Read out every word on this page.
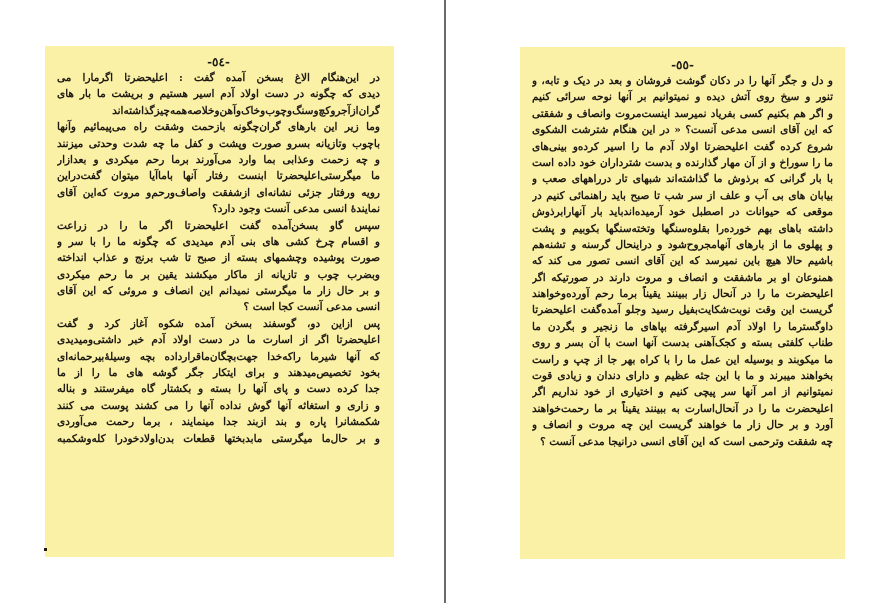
-٥٤-
در این‌هنگام الاغ بسخن آمده گفت : اعلیحضرتا اگرمارا می
دیدی که چگونه در دست اولاد آدم اسیر هستیم و بریشت ما بار های
گران‌ازآجروکچ‌وسنگ‌وچوب‌وخاک‌وآهن‌وخلاصه‌همه‌چیز‌گذاشته‌اند
وما زیر این بارهای گران‌چگونه بازحمت وشقت راه می‌پیمائیم وآنها
باچوب وتازیانه بسرو صورت وپشت و کفل ما چه شدت وحدتی میزنند
و چه زحمت وعذابی بما وارد می‌آورند برما رحم میکردی و بعدازار
ما میگرستی‌اعلیحضرتا ابنست رفتار آنها باما‌آیا میتوان گفت‌دراین
رویه ورفتار جزئی نشانه‌ای ازشفقت واصاف‌ورحم‌و مروت که‌این آقای
نماینده‌ٔ انسی مدعی آنست وجود دارد؟
سپس گاو بسخن‌آمده گفت اعلیحضرتا اگر ما را در زراعت
و اقسام چرخ کشی های بنی آدم میدیدی که چگونه ما را با سر و
صورت پوشیده وچشمهای بسته از صبح تا شب برنج و عذاب انداخته
وبضرب چوب و تازیانه از ماکار میکشند یقین بر ما رحم میکردی
و بر حال زار ما میگرستی ‌نمیدانم این انصاف و مروئی که این آقای
انسی مدعی آنست کجا است ؟
پس ازاین دو، گوسفند بسخن آمده شکوه آغاز کرد و گفت
اعلیحضرتا اگر از اسارت ما در دست اولاد آدم خبر داشتی‌ومیدیدی
که آنها شیرما راکه‌خدا جهت‌بچگان‌ما‌قرارداده بچه وسیلهٔ‌بیرحمانه‌ای
بخود تخصیص‌میدهند و برای ایتکار جگر گوشه های ما را از ما
جدا کرده دست و پای آنها را بسته و بکشتار گاه میفرستند و بناله
و زاری و استغاثه آنها گوش نداده آنها را می کشند پوست می کنند
شکمشانرا پاره و بند ازبند جدا مینمایند ، برما رحمت می‌آوردی
و بر حال‌ما میگرستی مابدبختها قطعات بدن‌اولادخودرا کله‌وشکمبه
-٥٥-
و دل و جگر آنها را در دکان گوشت فروشان و بعد در دیک و تابه، و
تنور و سیخ روی آتش دیده و نمیتوانیم بر آنها نوحه سرائی کنیم
و اگر هم بکنیم کسی بفریاد نمیرسد اینست‌مروت وانصاف و شفقتی
که این آقای انسی مدعی آنست؟ « در این هنگام شترشت الشکوی
شروع کرده گفت اعلیحضرتا اولاد آدم ما را اسیر کرده‌و بینی‌های
ما را سوراخ و از آن مهار گذارنده و بدست شترداران خود داده است
با بار گرانی که برذوش ما گذاشته‌اند شبهای تار درراههای صعب و
بیابان های بی آب و علف از سر شب تا صبح باید راهنمائی کنیم در
موقعی که حیوانات در اصطبل خود آرمیده‌اند‌باید بار آنهارا‌برذوش
داشته باهای بهم خورده‌را بقلوه‌سنگها وتخته‌سنگها بکوبیم و پشت
و پهلوی ما از بارهای آنها‌مجروح‌شود و دراینحال گرسنه و تشنه‌هم
باشیم حالا هیچ باین نمیرسد که این آقای انسی تصور می کند که
همنوعان او بر ماشفقت و انصاف و مروت دارند در صورتیکه اگر
اعلیحضرت ما را در آنحال زار ببینند یقیناً برما رحم آورده‌وخواهند
گریست این وقت نوبت‌شکایت‌بفیل رسید وجلو آمده‌گفت اعلیحضرتا
داوگستر‌ما را اولاد آدم اسیر‌گرفته بپاهای ما زنجیر و بگردن ما
طناب کلفتی بسته و کجک‌آهنی بدست آنها است با آن بسر و روی
ما میکوبند و بوسیله این عمل ما را با کراه بهر جا از چپ و راست
بخواهند میبرند و ما با این جثه عظیم و دارای دندان و زیادی قوت
نمیتوانیم از امر آنها سر پیچی کنیم و اختیاری از خود نداریم اگر
اعلیحضرت ما را در آنحال‌اسارت به ببینند یقیناً بر ما رحمت‌خواهند
آورد و بر حال زار ما خواهند گریست این چه مروت و انصاف و
چه شفقت وترحمی است که این آقای انسی درانیجا مدعی آنست ؟
